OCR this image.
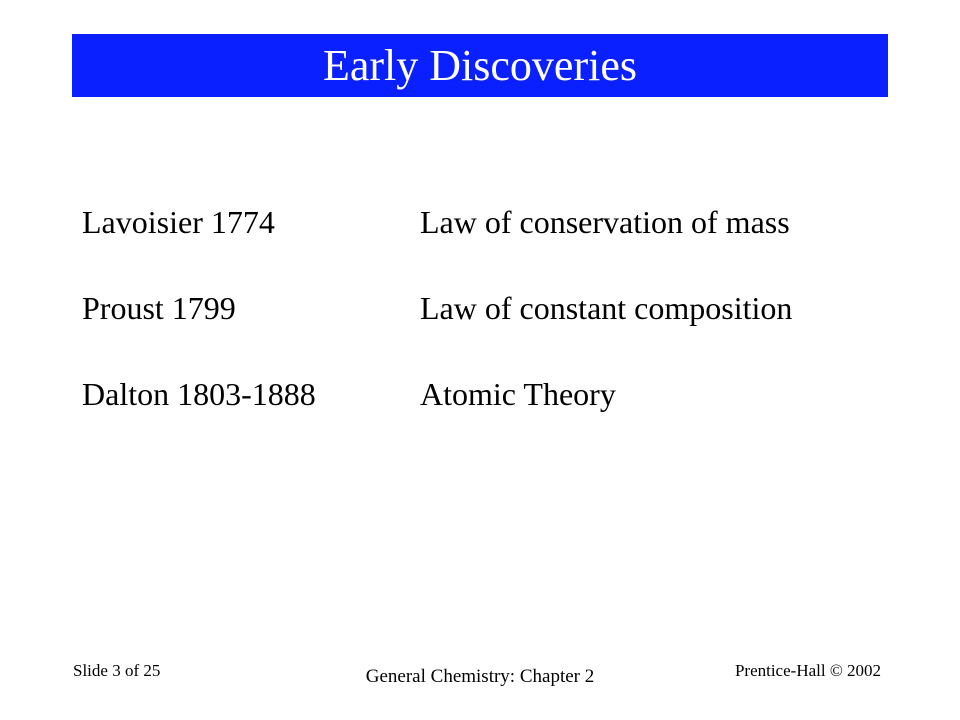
Early Discoveries
Lavoisier 1774	Law of conservation of mass
Proust 1799	Law of constant composition
Dalton 1803-1888	Atomic Theory
Slide 3 of 25	General Chemistry: Chapter 2	Prentice-Hall © 2002
